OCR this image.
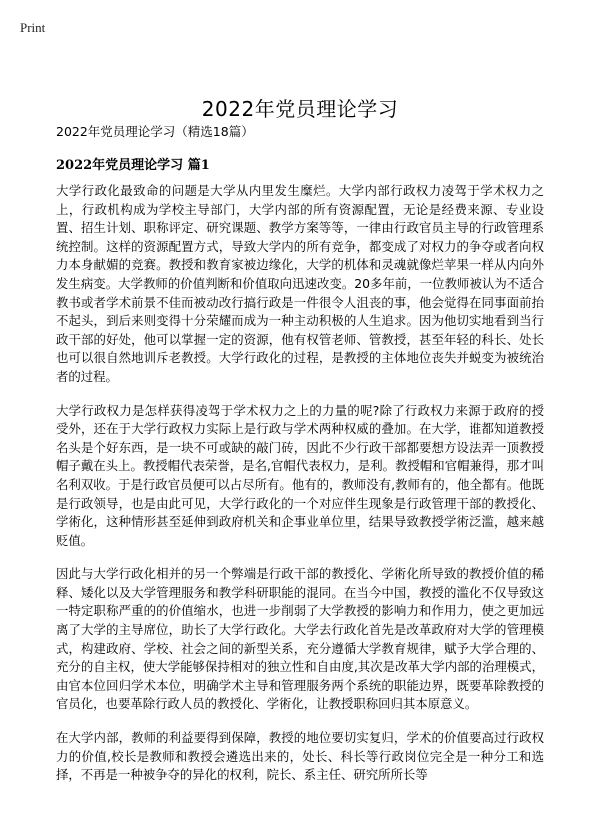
Print
2022年党员理论学习
2022年党员理论学习（精选18篇）
2022年党员理论学习 篇1

大学行政化最致命的问题是大学从内里发生糜烂。大学内部行政权力凌驾于学术权力之上，行政机构成为学校主导部门，大学内部的所有资源配置，无论是经费来源、专业设置、招生计划、职称评定、研究课题、教学方案等等，一律由行政官员主导的行政管理系统控制。这样的资源配置方式，导致大学内的所有竞争，都变成了对权力的争夺或者向权力本身献媚的竞赛。教授和教育家被边缘化，大学的机体和灵魂就像烂苹果一样从内向外发生病变。大学教师的价值判断和价值取向迅速改变。20多年前，一位教师被认为不适合教书或者学术前景不佳而被动改行搞行政是一件很令人沮丧的事，他会觉得在同事面前抬不起头，到后来则变得十分荣耀而成为一种主动积极的人生追求。因为他切实地看到当行政干部的好处，他可以掌握一定的资源，他有权管老师、管教授，甚至年轻的科长、处长也可以很自然地训斥老教授。大学行政化的过程，是教授的主体地位丧失并蜕变为被统治者的过程。

大学行政权力是怎样获得凌驾于学术权力之上的力量的呢?除了行政权力来源于政府的授受外，还在于大学行政权力实际上是行政与学术两种权威的叠加。在大学，谁都知道教授名头是个好东西，是一块不可或缺的敲门砖，因此不少行政干部都要想方设法弄一顶教授帽子戴在头上。教授帽代表荣誉，是名,官帽代表权力，是利。教授帽和官帽兼得，那才叫名利双收。于是行政官员便可以占尽所有。他有的，教师没有,教师有的，他全都有。他既是行政领导，也是由此可见，大学行政化的一个对应伴生现象是行政管理干部的教授化、学術化，这种情形甚至延伸到政府机关和企事业单位里，结果导致教授学術泛滥，越来越贬值。

因此与大学行政化相并的另一个弊端是行政干部的教授化、学術化所导致的教授价值的稀释、矮化以及大学管理服务和教学科研职能的混同。在当今中国，教授的滥化不仅导致这一特定职称严重的的价值缩水，也进一步削弱了大学教授的影响力和作用力，使之更加远离了大学的主导席位，助长了大学行政化。大学去行政化首先是改革政府对大学的管理模式，构建政府、学校、社会之间的新型关系，充分遵循大学教育规律，赋予大学合理的、充分的自主权，使大学能够保持相对的独立性和自由度,其次是改革大学内部的治理模式，由官本位回归学术本位，明确学术主导和管理服务两个系统的职能边界，既要革除教授的官员化，也要革除行政人员的教授化、学術化，让教授职称回归其本原意义。

在大学内部，教师的利益要得到保障，教授的地位要切实复归，学术的价值要高过行政权力的价值,校长是教师和教授会遴选出来的，处长、科长等行政岗位完全是一种分工和选择，不再是一种被争夺的异化的权利，院长、系主任、研究所所长等
